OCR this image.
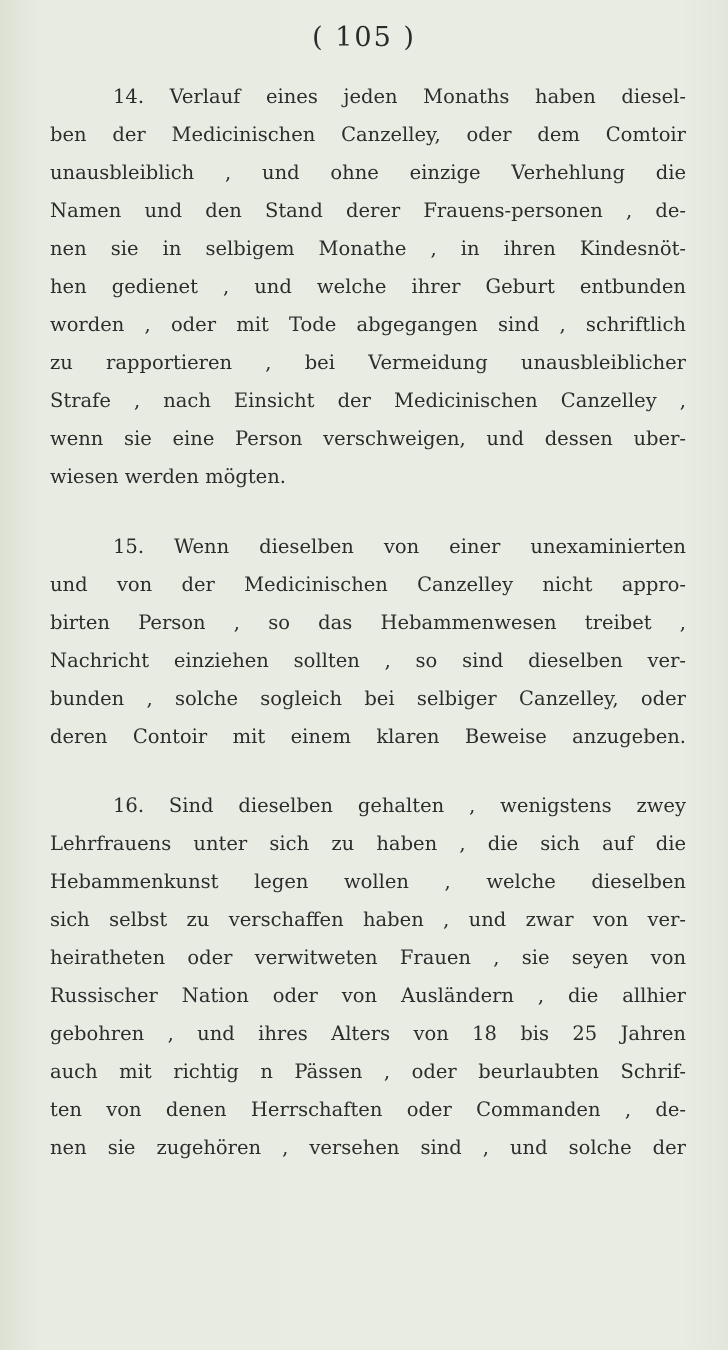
( 105 )
14. Verlauf eines jeden Monaths haben diesel-
ben der Medicinischen Canzelley, oder dem Comtoir
unausbleiblich , und ohne einzige Verhehlung die
Namen und den Stand derer Frauens-personen , de-
nen sie in selbigem Monathe , in ihren Kindesnöt-
hen gedienet , und welche ihrer Geburt entbunden
worden , oder mit Tode abgegangen sind , schriftlich
zu rapportieren , bei Vermeidung unausbleiblicher
Strafe , nach Einsicht der Medicinischen Canzelley ,
wenn sie eine Person verschweigen, und dessen uber-
wiesen werden mögten.
15. Wenn dieselben von einer unexaminierten
und von der Medicinischen Canzelley nicht appro-
birten Person , so das Hebammenwesen treibet ,
Nachricht einziehen sollten , so sind dieselben ver-
bunden , solche sogleich bei selbiger Canzelley, oder
deren Contoir mit einem klaren Beweise anzugeben.
16. Sind dieselben gehalten , wenigstens zwey
Lehrfrauens unter sich zu haben , die sich auf die
Hebammenkunst legen wollen , welche dieselben
sich selbst zu verschaffen haben , und zwar von ver-
heiratheten oder verwitweten Frauen , sie seyen von
Russischer Nation oder von Ausländern , die allhier
gebohren , und ihres Alters von 18 bis 25 Jahren
auch mit richtig n Pässen , oder beurlaubten Schrif-
ten von denen Herrschaften oder Commanden , de-
nen sie zugehören , versehen sind , und solche der
